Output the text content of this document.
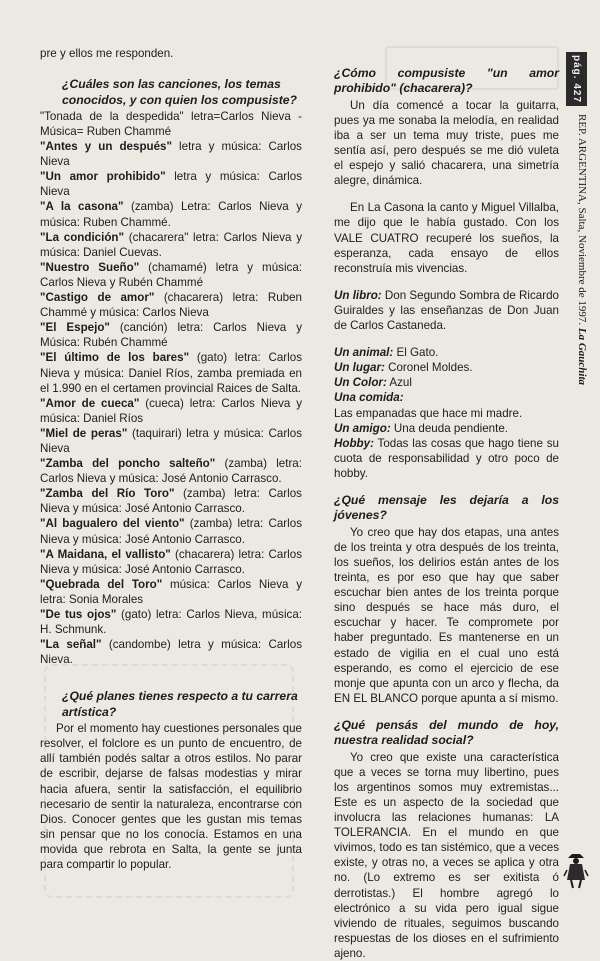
pre y ellos me responden.

¿Cuáles son las canciones, los temas conocidos, y con quien los compusiste?

"Tonada de la despedida" letra=Carlos Nieva - Música= Ruben Chammé

"Antes y un después" letra y música: Carlos Nieva

"Un amor prohibido" letra y música: Carlos Nieva

"A la casona" (zamba) Letra: Carlos Nieva y música: Ruben Chammé.

"La condición" (chacarera" letra: Carlos Nieva y música: Daniel Cuevas.

"Nuestro Sueño" (chamamé) letra y música: Carlos Nieva y Rubén Chammé

"Castigo de amor" (chacarera) letra: Ruben Chammé y música: Carlos Nieva

"El Espejo" (canción) letra: Carlos Nieva y Música: Rubén Chammé

"El último de los bares" (gato) letra: Carlos Nieva y música: Daniel Ríos, zamba premiada en el 1.990 en el certamen provincial Raices de Salta.

"Amor de cueca" (cueca) letra: Carlos Nieva y música: Daniel Ríos

"Miel de peras" (taquirari) letra y música: Carlos Nieva

"Zamba del poncho salteño" (zamba) letra: Carlos Nieva y música: José Antonio Carrasco.

"Zamba del Río Toro" (zamba) letra: Carlos Nieva y música: José Antonio Carrasco.

"Al bagualero del viento" (zamba) letra: Carlos Nieva y música: José Antonio Carrasco.

"A Maidana, el vallisto" (chacarera) letra: Carlos Nieva y música: José Antonio Carrasco.

"Quebrada del Toro" música: Carlos Nieva y letra: Sonia Morales

"De tus ojos" (gato) letra: Carlos Nieva, música: H. Schmunk.

"La señal" (candombe) letra y música: Carlos Nieva.

¿Qué planes tienes respecto a tu carrera artística?

Por el momento hay cuestiones personales que resolver, el folclore es un punto de encuentro, de allí también podés saltar a otros estilos. No parar de escribir, dejarse de falsas modestias y mirar hacia afuera, sentir la satisfacción, el equilibrio necesario de sentir la naturaleza, encontrarse con Dios. Conocer gentes que les gustan mis temas sin pensar que no los conocía. Estamos en una movida que rebrota en Salta, la gente se junta para compartir lo popular.

¿Cómo compusiste "un amor prohibido" (chacarera)?

Un día comencé a tocar la guitarra, pues ya me sonaba la melodía, en realidad iba a ser un tema muy triste, pues me sentía así, pero después se me dió vuleta el espejo y salió chacarera, una simetría alegre, dinámica.

En La Casona la canto y Miguel Villalba, me dijo que le había gustado. Con los VALE CUATRO recuperé los sueños, la esperanza, cada ensayo de ellos reconstruía mis vivencias.

Un libro: Don Segundo Sombra de Ricardo Guiraldes y las enseñanzas de Don Juan de Carlos Castaneda.

Un animal: El Gato.

Un lugar: Coronel Moldes.

Un Color: Azul

Una comida:

Las empanadas que hace mi madre.

Un amigo: Una deuda pendiente.

Hobby: Todas las cosas que hago tiene su cuota de responsabilidad y otro poco de hobby.

¿Qué mensaje les dejaría a los jóvenes?

Yo creo que hay dos etapas, una antes de los treinta y otra después de los treinta, los sueños, los delirios están antes de los treinta, es por eso que hay que saber escuchar bien antes de los treinta porque sino después se hace más duro, el escuchar y hacer. Te compromete por haber preguntado. Es mantenerse en un estado de vigilia en el cual uno está esperando, es como el ejercicio de ese monje que apunta con un arco y flecha, da EN EL BLANCO porque apunta a sí mismo.

¿Qué pensás del mundo de hoy, nuestra realidad social?

Yo creo que existe una característica que a veces se torna muy libertino, pues los argentinos somos muy extremistas... Este es un aspecto de la sociedad que involucra las relaciones humanas: LA TOLERANCIA. En el mundo en que vivimos, todo es tan sistémico, que a veces existe, y otras no, a veces se aplica y otra no. (Lo extremo es ser exitista ó derrotistas.) El hombre agregó lo electrónico a su vida pero igual sigue viviendo de rituales, seguimos buscando respuestas de los dioses en el sufrimiento ajeno.

pág. 427
REP. ARGENTINA, Salta, Noviembre de 1997. La Gauchita
